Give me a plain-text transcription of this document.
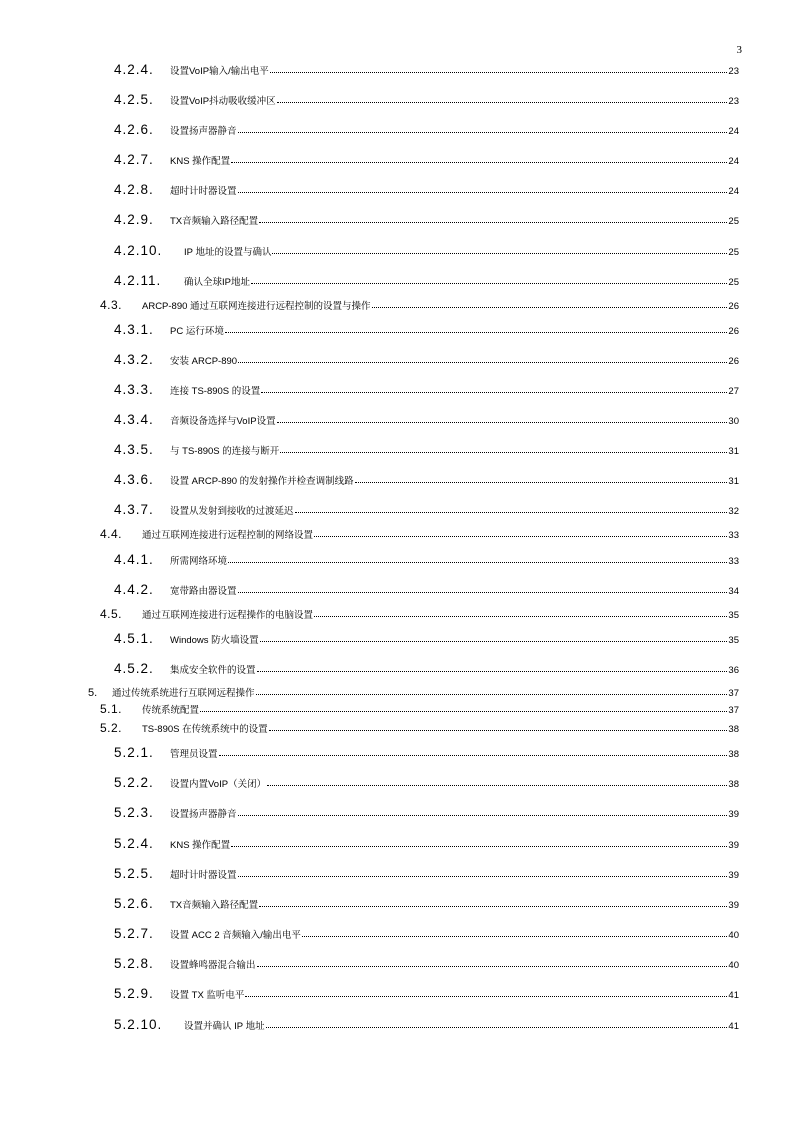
3
4.2.4.	设置VoIP输入/输出电平	23
4.2.5.	设置VoIP抖动吸收缓冲区	23
4.2.6.	设置扬声器静音	24
4.2.7.	KNS 操作配置	24
4.2.8.	超时计时器设置	24
4.2.9.	TX音频输入路径配置	25
4.2.10.	IP 地址的设置与确认	25
4.2.11.	确认全球IP地址	25
4.3.	ARCP-890 通过互联网连接进行远程控制的设置与操作	26
4.3.1.	PC 运行环境	26
4.3.2.	安装 ARCP-890	26
4.3.3.	连接 TS-890S 的设置	27
4.3.4.	音频设备选择与VoIP设置	30
4.3.5.	与 TS-890S 的连接与断开	31
4.3.6.	设置 ARCP-890 的发射操作并检查调制线路	31
4.3.7.	设置从发射到接收的过渡延迟	32
4.4.	通过互联网连接进行远程控制的网络设置	33
4.4.1.	所需网络环境	33
4.4.2.	宽带路由器设置	34
4.5.	通过互联网连接进行远程操作的电脑设置	35
4.5.1.	Windows 防火墙设置	35
4.5.2.	集成安全软件的设置	36
5.	通过传统系统进行互联网远程操作	37
5.1.	传统系统配置	37
5.2.	TS-890S 在传统系统中的设置	38
5.2.1.	管理员设置	38
5.2.2.	设置内置VoIP（关闭）	38
5.2.3.	设置扬声器静音	39
5.2.4.	KNS 操作配置	39
5.2.5.	超时计时器设置	39
5.2.6.	TX音频输入路径配置	39
5.2.7.	设置 ACC 2 音频输入/输出电平	40
5.2.8.	设置蜂鸣器混合输出	40
5.2.9.	设置 TX 监听电平	41
5.2.10.	设置并确认 IP 地址	41
